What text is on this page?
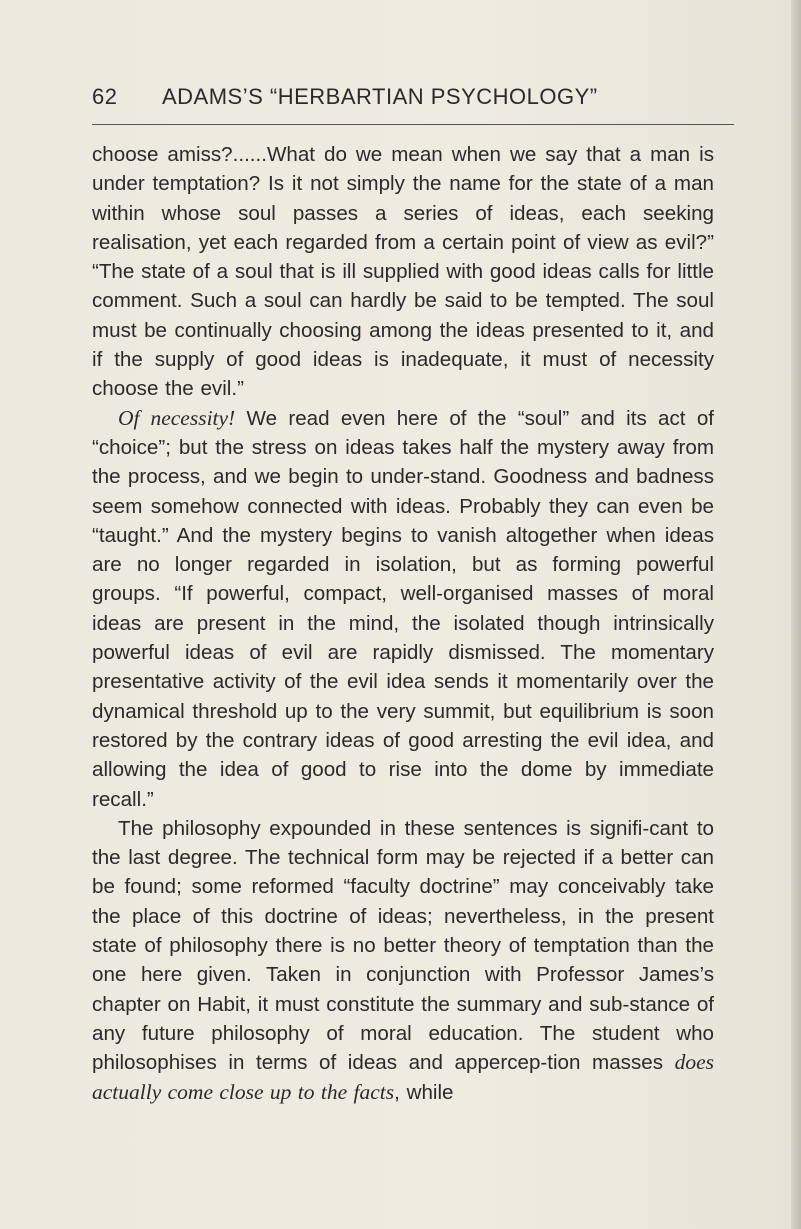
62 ADAMS’S “HERBARTIAN PSYCHOLOGY”

choose amiss?......What do we mean when we say that a man is under temptation? Is it not simply the name for the state of a man within whose soul passes a series of ideas, each seeking realisation, yet each regarded from a certain point of view as evil?” “The state of a soul that is ill supplied with good ideas calls for little comment. Such a soul can hardly be said to be tempted. The soul must be continually choosing among the ideas presented to it, and if the supply of good ideas is inadequate, it must of necessity choose the evil.”

Of necessity! We read even here of the “soul” and its act of “choice”; but the stress on ideas takes half the mystery away from the process, and we begin to under-stand. Goodness and badness seem somehow connected with ideas. Probably they can even be “taught.” And the mystery begins to vanish altogether when ideas are no longer regarded in isolation, but as forming powerful groups. “If powerful, compact, well-organised masses of moral ideas are present in the mind, the isolated though intrinsically powerful ideas of evil are rapidly dismissed. The momentary presentative activity of the evil idea sends it momentarily over the dynamical threshold up to the very summit, but equilibrium is soon restored by the contrary ideas of good arresting the evil idea, and allowing the idea of good to rise into the dome by immediate recall.”

The philosophy expounded in these sentences is signifi-cant to the last degree. The technical form may be rejected if a better can be found; some reformed “faculty doctrine” may conceivably take the place of this doctrine of ideas; nevertheless, in the present state of philosophy there is no better theory of temptation than the one here given. Taken in conjunction with Professor James’s chapter on Habit, it must constitute the summary and sub-stance of any future philosophy of moral education. The student who philosophises in terms of ideas and appercep-tion masses does actually come close up to the facts, while
